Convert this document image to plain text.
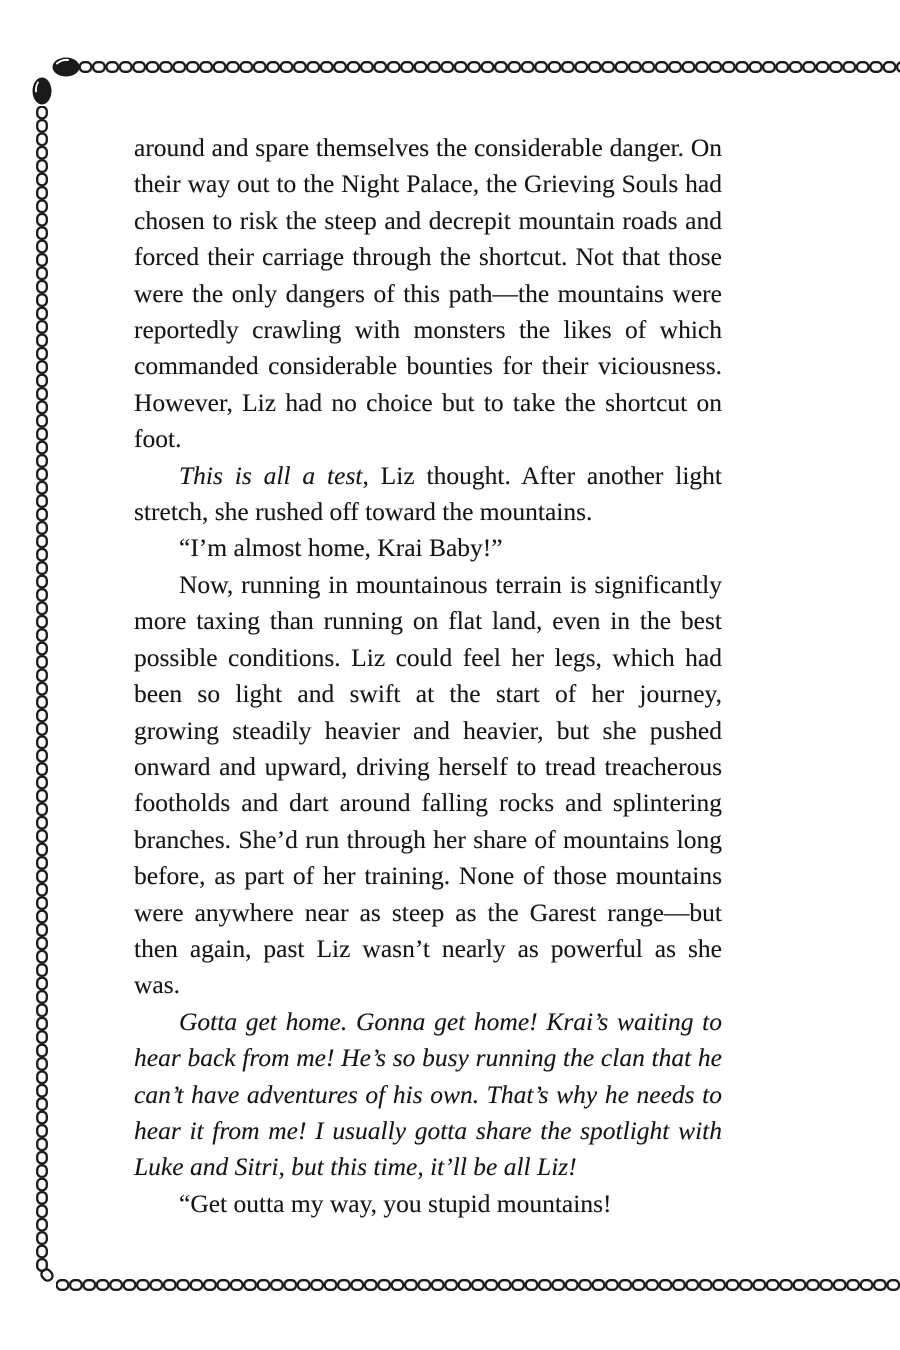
around and spare themselves the considerable danger. On their way out to the Night Palace, the Grieving Souls had chosen to risk the steep and decrepit mountain roads and forced their carriage through the shortcut. Not that those were the only dangers of this path—the mountains were reportedly crawling with monsters the likes of which commanded considerable bounties for their viciousness. However, Liz had no choice but to take the shortcut on foot.

This is all a test, Liz thought. After another light stretch, she rushed off toward the mountains.

“I’m almost home, Krai Baby!”

Now, running in mountainous terrain is significantly more taxing than running on flat land, even in the best possible conditions. Liz could feel her legs, which had been so light and swift at the start of her journey, growing steadily heavier and heavier, but she pushed onward and upward, driving herself to tread treacherous footholds and dart around falling rocks and splintering branches. She’d run through her share of mountains long before, as part of her training. None of those mountains were anywhere near as steep as the Garest range—but then again, past Liz wasn’t nearly as powerful as she was.

Gotta get home. Gonna get home! Krai’s waiting to hear back from me! He’s so busy running the clan that he can’t have adventures of his own. That’s why he needs to hear it from me! I usually gotta share the spotlight with Luke and Sitri, but this time, it’ll be all Liz!

“Get outta my way, you stupid mountains!
